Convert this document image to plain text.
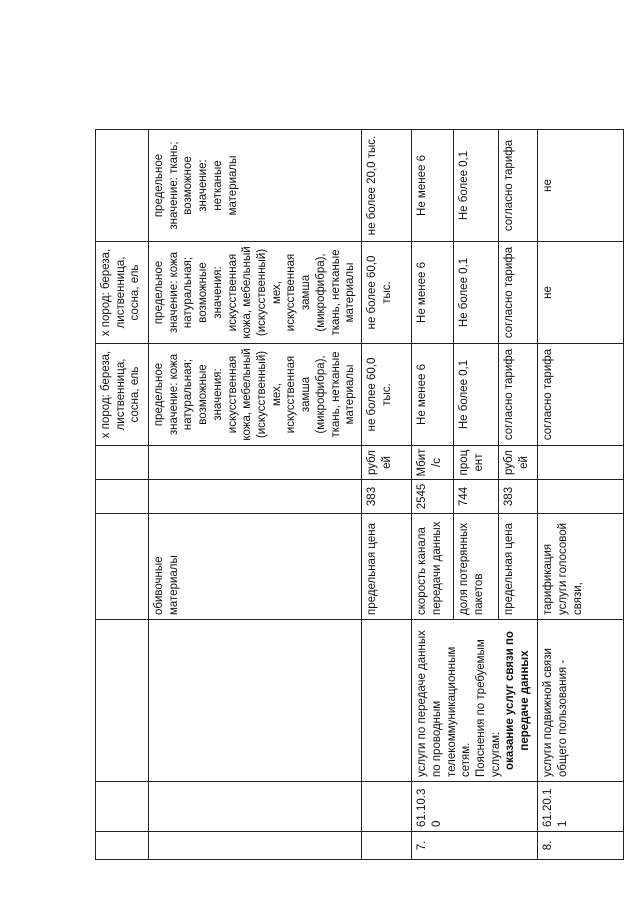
						х пород: береза, лиственница, сосна, ель	х пород: береза, лиственница, сосна, ель	
			обивочные материалы			предельное значение: кожа натуральная; возможные значения: искусственная кожа, мебельный (искусственный) мех, искусственная замша (микрофибра), ткань, нетканые материалы	предельное значение: кожа натуральная; возможные значения: искусственная кожа, мебельный (искусственный) мех, искусственная замша (микрофибра), ткань, нетканые материалы	предельное значение: ткань; возможное значение: нетканые материалы
			предельная цена	383	рублей	не более 60,0 тыс.	не более 60,0 тыс.	не более 20,0 тыс.
7.	61.10.30	услуги по передаче данных по проводным телекоммуникационным сетям. Пояснения по требуемым услугам: оказание услуг связи по передаче данных	скорость канала передачи данных	2545	Мбит/с	Не менее 6	Не менее 6	Не менее 6
			доля потерянных пакетов	744	процент	Не более 0,1	Не более 0,1	Не более 0,1
			предельная цена	383	рублей	согласно тарифа	согласно тарифа	согласно тарифа
8.	61.20.11	услуги подвижной связи общего пользования -	тарификация услуги голосовой связи,			согласно тарифа	не	не
